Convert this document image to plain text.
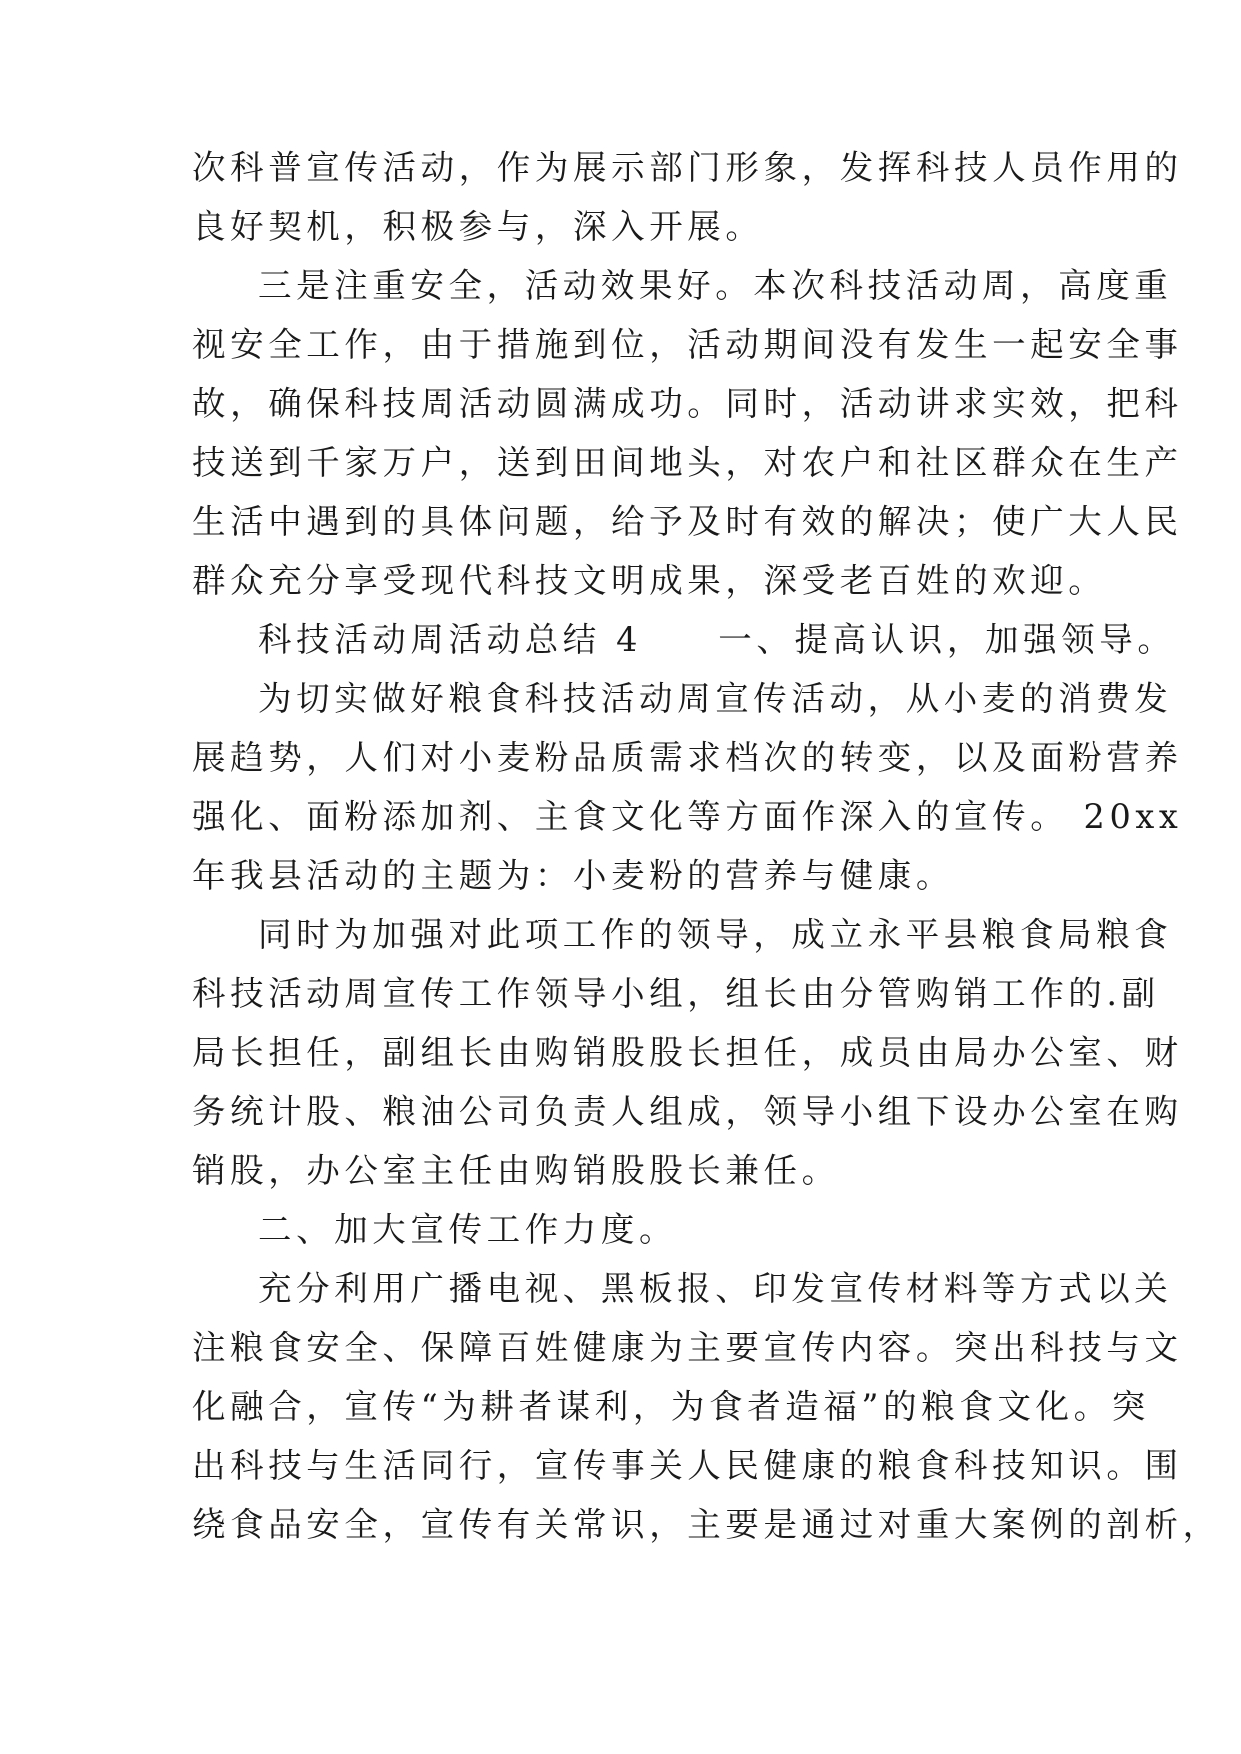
次科普宣传活动，作为展示部门形象，发挥科技人员作用的
良好契机，积极参与，深入开展。
三是注重安全，活动效果好。本次科技活动周，高度重
视安全工作，由于措施到位，活动期间没有发生一起安全事
故，确保科技周活动圆满成功。同时，活动讲求实效，把科
技送到千家万户，送到田间地头，对农户和社区群众在生产
生活中遇到的具体问题，给予及时有效的解决；使广大人民
群众充分享受现代科技文明成果，深受老百姓的欢迎。
科技活动周活动总结 4　　一、提高认识，加强领导。
为切实做好粮食科技活动周宣传活动，从小麦的消费发
展趋势，人们对小麦粉品质需求档次的转变，以及面粉营养
强化、面粉添加剂、主食文化等方面作深入的宣传。 20xx
年我县活动的主题为：小麦粉的营养与健康。
同时为加强对此项工作的领导，成立永平县粮食局粮食
科技活动周宣传工作领导小组，组长由分管购销工作的.副
局长担任，副组长由购销股股长担任，成员由局办公室、财
务统计股、粮油公司负责人组成，领导小组下设办公室在购
销股，办公室主任由购销股股长兼任。
二、加大宣传工作力度。
充分利用广播电视、黑板报、印发宣传材料等方式以关
注粮食安全、保障百姓健康为主要宣传内容。突出科技与文
化融合，宣传“为耕者谋利，为食者造福”的粮食文化。突
出科技与生活同行，宣传事关人民健康的粮食科技知识。围
绕食品安全，宣传有关常识，主要是通过对重大案例的剖析，
